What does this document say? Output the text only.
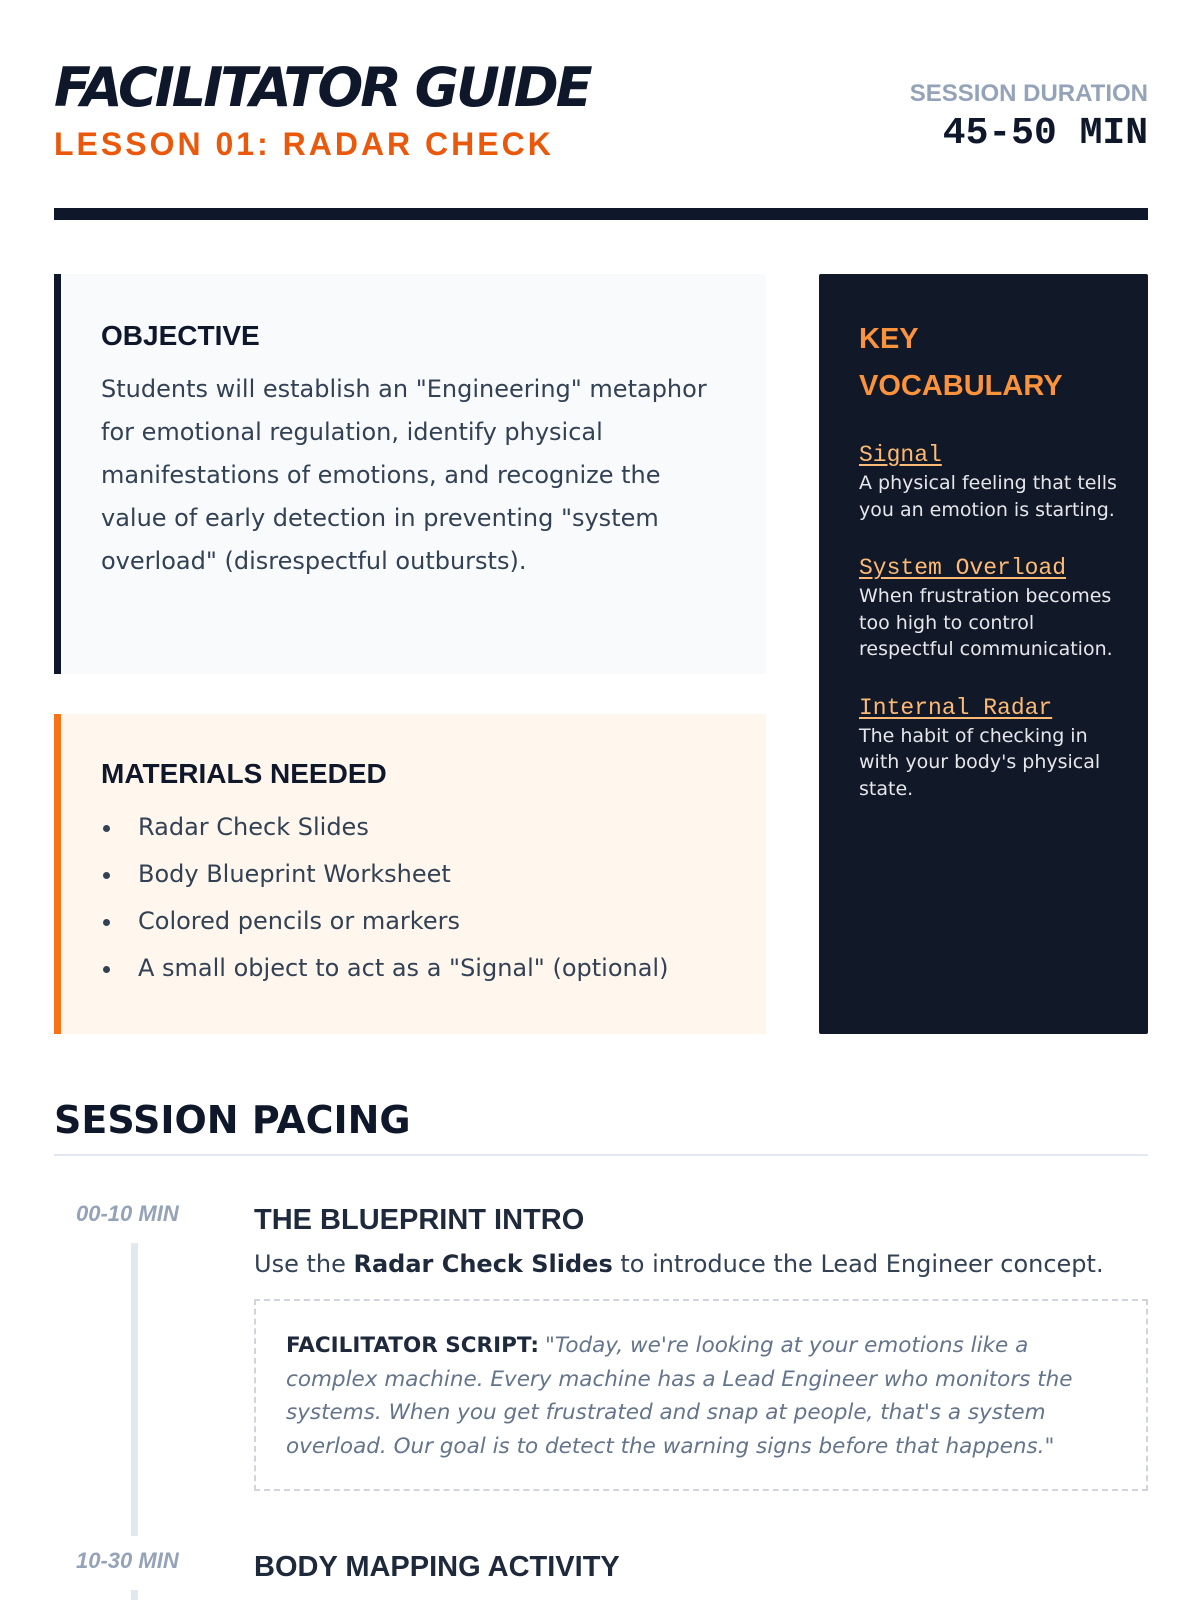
FACILITATOR GUIDE
LESSON 01: RADAR CHECK
SESSION DURATION
45-50 MIN
OBJECTIVE

Students will establish an "Engineering" metaphor for emotional regulation, identify physical manifestations of emotions, and recognize the value of early detection in preventing "system overload" (disrespectful outbursts).

MATERIALS NEEDED
Radar Check Slides
Body Blueprint Worksheet
Colored pencils or markers
A small object to act as a "Signal" (optional)
KEY
VOCABULARY
Signal
A physical feeling that tells you an emotion is starting.
System Overload
When frustration becomes too high to control respectful communication.
Internal Radar
The habit of checking in with your body's physical state.
SESSION PACING
00-10 MIN	THE BLUEPRINT INTRO

Use the Radar Check Slides to introduce the Lead Engineer concept.

FACILITATOR SCRIPT: "Today, we're looking at your emotions like a complex machine. Every machine has a Lead Engineer who monitors the systems. When you get frustrated and snap at people, that's a system overload. Our goal is to detect the warning signs before that happens."

10-30 MIN	BODY MAPPING ACTIVITY
